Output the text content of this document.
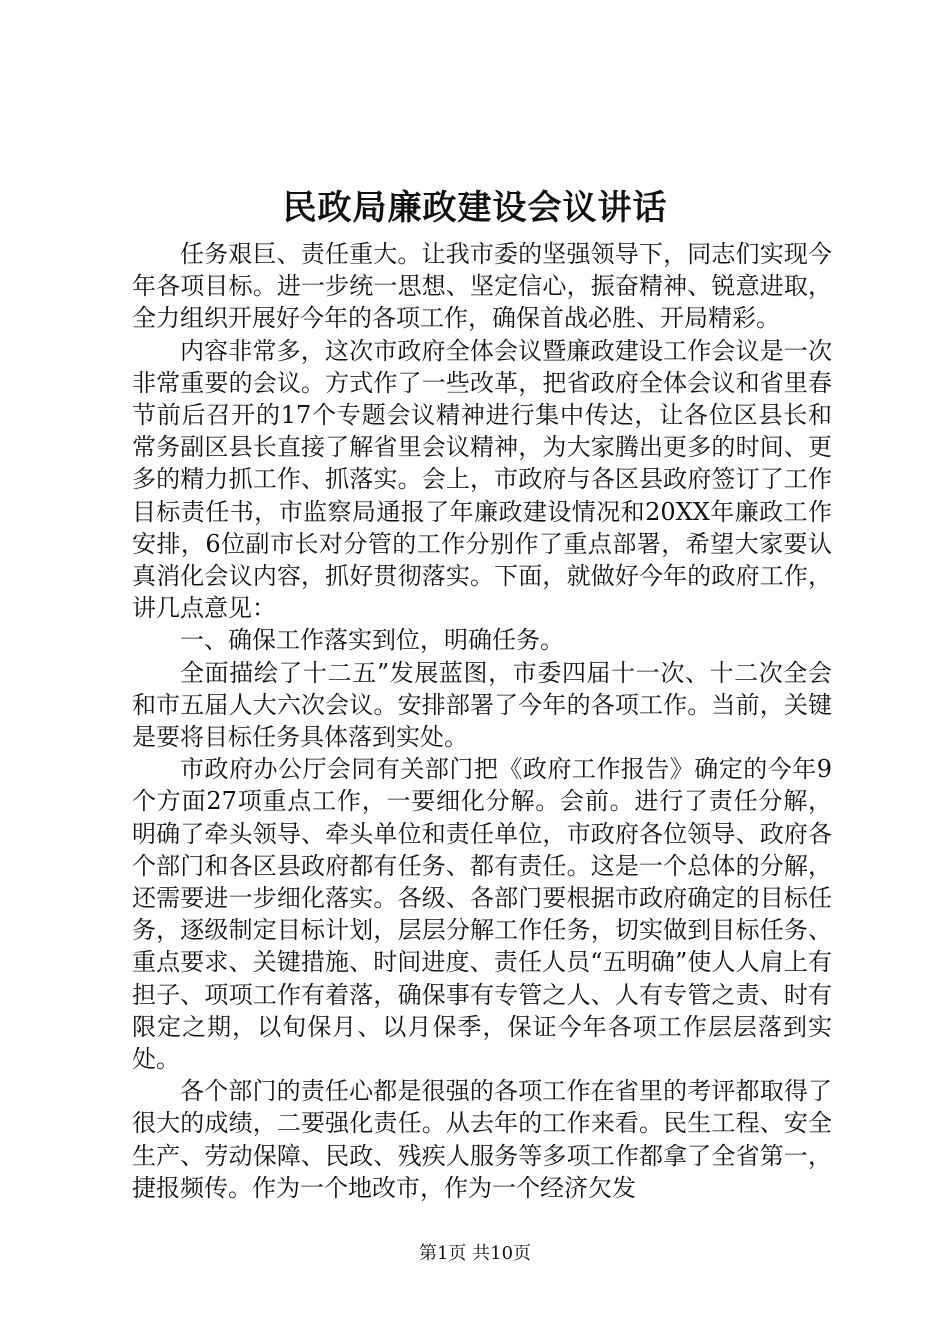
民政局廉政建设会议讲话

任务艰巨、责任重大。让我市委的坚强领导下，同志们实现今年各项目标。进一步统一思想、坚定信心，振奋精神、锐意进取，全力组织开展好今年的各项工作，确保首战必胜、开局精彩。

内容非常多，这次市政府全体会议暨廉政建设工作会议是一次非常重要的会议。方式作了一些改革，把省政府全体会议和省里春节前后召开的17个专题会议精神进行集中传达，让各位区县长和常务副区县长直接了解省里会议精神，为大家腾出更多的时间、更多的精力抓工作、抓落实。会上，市政府与各区县政府签订了工作目标责任书，市监察局通报了年廉政建设情况和20XX年廉政工作安排，6位副市长对分管的工作分别作了重点部署，希望大家要认真消化会议内容，抓好贯彻落实。下面，就做好今年的政府工作，讲几点意见：

一、确保工作落实到位，明确任务。

全面描绘了十二五”发展蓝图，市委四届十一次、十二次全会和市五届人大六次会议。安排部署了今年的各项工作。当前，关键是要将目标任务具体落到实处。

市政府办公厅会同有关部门把《政府工作报告》确定的今年9个方面27项重点工作，一要细化分解。会前。进行了责任分解，明确了牵头领导、牵头单位和责任单位，市政府各位领导、政府各个部门和各区县政府都有任务、都有责任。这是一个总体的分解，还需要进一步细化落实。各级、各部门要根据市政府确定的目标任务，逐级制定目标计划，层层分解工作任务，切实做到目标任务、重点要求、关键措施、时间进度、责任人员“五明确”使人人肩上有担子、项项工作有着落，确保事有专管之人、人有专管之责、时有限定之期，以旬保月、以月保季，保证今年各项工作层层落到实处。

各个部门的责任心都是很强的各项工作在省里的考评都取得了很大的成绩，二要强化责任。从去年的工作来看。民生工程、安全生产、劳动保障、民政、残疾人服务等多项工作都拿了全省第一，捷报频传。作为一个地改市，作为一个经济欠发

第1页 共10页
